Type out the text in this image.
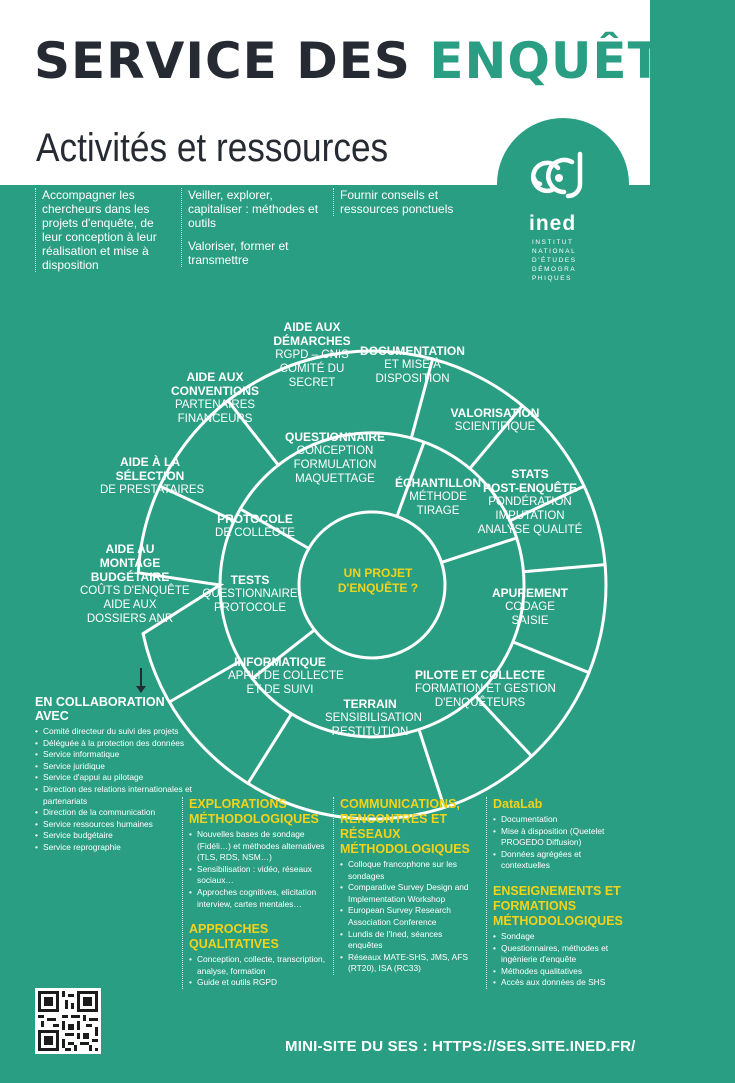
SERVICE DES ENQUÊTES
Activités et ressources
ined
INSTITUT
NATIONAL
D'ÉTUDES
DÉMOGRA
PHIQUES

Accompagner les chercheurs dans les projets d'enquête, de leur conception à leur réalisation et mise à disposition

Veiller, explorer, capitaliser : méthodes et outils

Valoriser, former et transmettre

Fournir conseils et ressources ponctuels

AIDE AUX
DÉMARCHES
RGPD – CNIS
COMITÉ DU
SECRET
DOCUMENTATION
ET MISE À
DISPOSITION
VALORISATION
SCIENTIFIQUE
STATS
POST-ENQUÊTE
PONDÉRATION
IMPUTATION
ANALYSE QUALITÉ
APUREMENT
CODAGE
SAISIE
PILOTE ET COLLECTE
FORMATION ET GESTION
D'ENQUÊTEURS
TERRAIN
SENSIBILISATION
RESTITUTION
INFORMATIQUE
APPLI DE COLLECTE
ET DE SUIVI
AIDE AUX
CONVENTIONS
PARTENAIRES
FINANCEURS
AIDE À LA
SÉLECTION
DE PRESTATAIRES
AIDE AU
MONTAGE
BUDGÉTAIRE
COÛTS D'ENQUÊTE
AIDE AUX
DOSSIERS ANR
QUESTIONNAIRE
CONCEPTION
FORMULATION
MAQUETTAGE	ÉCHANTILLON
MÉTHODE
TIRAGE
PROTOCOLE
DE COLLECTE
TESTS
QUESTIONNAIRE
PROTOCOLE
UN PROJET
D'ENQUÊTE ?
EN COLLABORATION AVEC
• Comité directeur du suivi des projets
• Déléguée à la protection des données
• Service informatique
• Service juridique
• Service d'appui au pilotage
• Direction des relations internationales et partenariats
• Direction de la communication
• Service ressources humaines
• Service budgétaire
• Service reprographie
EXPLORATIONS MÉTHODOLOGIQUES
• Nouvelles bases de sondage (Fidéli…) et méthodes alternatives (TLS, RDS, NSM…)
• Sensibilisation : vidéo, réseaux sociaux…
• Approches cognitives, elicitation interview, cartes mentales…
APPROCHES QUALITATIVES
• Conception, collecte, transcription, analyse, formation
• Guide et outils RGPD
COMMUNICATIONS, RENCONTRES ET RÉSEAUX MÉTHODOLOGIQUES
• Colloque francophone sur les sondages
• Comparative Survey Design and Implementation Workshop
• European Survey Research Association Conference
• Lundis de l'Ined, séances enquêtes
• Réseaux MATE-SHS, JMS, AFS (RT20), ISA (RC33)
DataLab
• Documentation
• Mise à disposition (Quetelet PROGEDO Diffusion)
• Données agrégées et contextuelles
ENSEIGNEMENTS ET FORMATIONS MÉTHODOLOGIQUES
• Sondage
• Questionnaires, méthodes et ingénierie d'enquête
• Méthodes qualitatives
• Accès aux données de SHS
MINI-SITE DU SES : HTTPS://SES.SITE.INED.FR/
